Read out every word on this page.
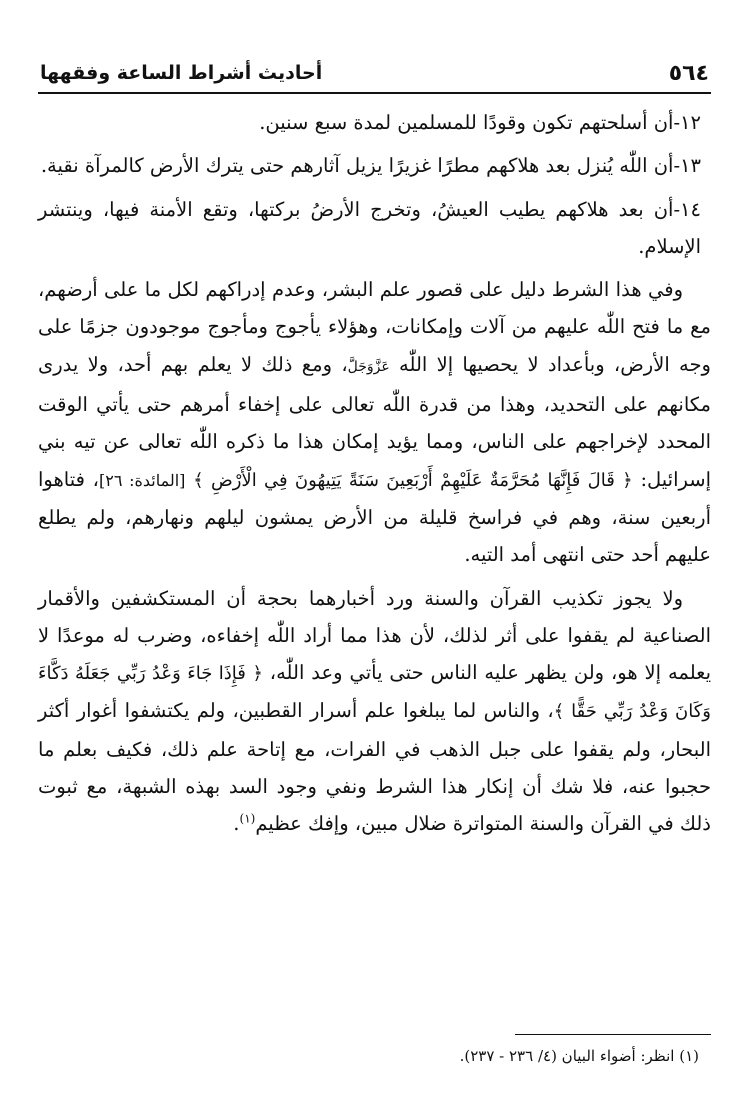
٥٦٤
أحاديث أشراط الساعة وفقهها

١٢-أن أسلحتهم تكون وقودًا للمسلمين لمدة سبع سنين.

١٣-أن اللّٰه يُنزل بعد هلاكهم مطرًا غزيرًا يزيل آثارهم حتى يترك الأرض كالمرآة نقية.

١٤-أن بعد هلاكهم يطيب العيشُ، وتخرج الأرضُ بركتها، وتقع الأمنة فيها، وينتشر الإسلام.

وفي هذا الشرط دليل على قصور علم البشر، وعدم إدراكهم لكل ما على أرضهم، مع ما فتح اللّٰه عليهم من آلات وإمكانات، وهؤلاء يأجوج ومأجوج موجودون جزمًا على وجه الأرض، وبأعداد لا يحصيها إلا اللّٰه عَزَّوَجَلَّ، ومع ذلك لا يعلم بهم أحد، ولا يدرى مكانهم على التحديد، وهذا من قدرة اللّٰه تعالى على إخفاء أمرهم حتى يأتي الوقت المحدد لإخراجهم على الناس، ومما يؤيد إمكان هذا ما ذكره اللّٰه تعالى عن تيه بني إسرائيل: ﴿ قَالَ فَإِنَّهَا مُحَرَّمَةٌ عَلَيْهِمْ أَرْبَعِينَ سَنَةً يَتِيهُونَ فِي الْأَرْضِ ﴾ [المائدة: ٢٦]، فتاهوا أربعين سنة، وهم في فراسخ قليلة من الأرض يمشون ليلهم ونهارهم، ولم يطلع عليهم أحد حتى انتهى أمد التيه.

ولا يجوز تكذيب القرآن والسنة ورد أخبارهما بحجة أن المستكشفين والأقمار الصناعية لم يقفوا على أثر لذلك، لأن هذا مما أراد اللّٰه إخفاءه، وضرب له موعدًا لا يعلمه إلا هو، ولن يظهر عليه الناس حتى يأتي وعد اللّٰه، ﴿ فَإِذَا جَاءَ وَعْدُ رَبِّي جَعَلَهُ دَكَّاءَ وَكَانَ وَعْدُ رَبِّي حَقًّا ﴾، والناس لما يبلغوا علم أسرار القطبين، ولم يكتشفوا أغوار أكثر البحار، ولم يقفوا على جبل الذهب في الفرات، مع إتاحة علم ذلك، فكيف بعلم ما حجبوا عنه، فلا شك أن إنكار هذا الشرط ونفي وجود السد بهذه الشبهة، مع ثبوت ذلك في القرآن والسنة المتواترة ضلال مبين، وإفك عظيم$^{(١)}$.

(١) انظر: أضواء البيان (٤/ ٢٣٦ - ٢٣٧).
